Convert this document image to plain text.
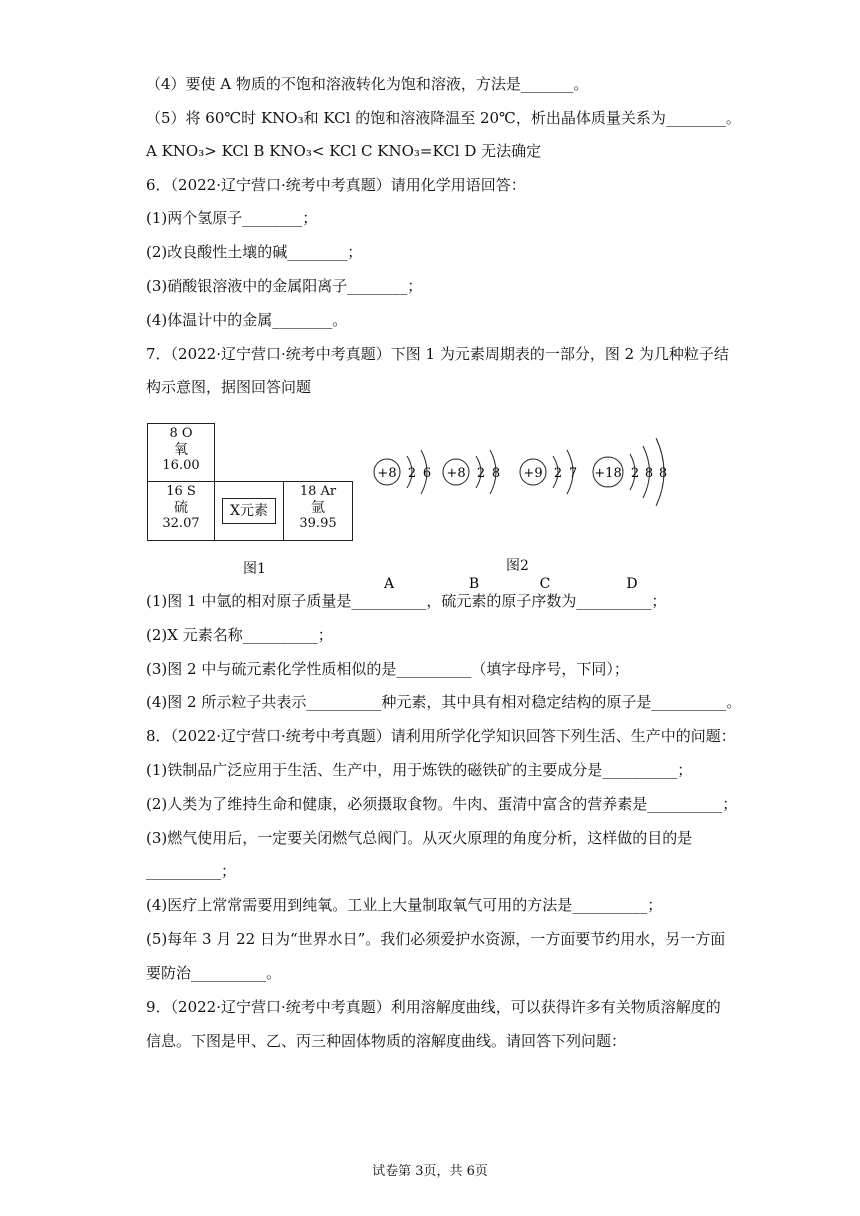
（4）要使 A 物质的不饱和溶液转化为饱和溶液，方法是_______。
（5）将 60℃时 KNO₃和 KCl 的饱和溶液降温至 20℃，析出晶体质量关系为________。
A KNO₃> KCl B KNO₃< KCl C KNO₃=KCl D 无法确定
6．（2022·辽宁营口·统考中考真题）请用化学用语回答：
(1)两个氢原子________；
(2)改良酸性土壤的碱________；
(3)硝酸银溶液中的金属阳离子________；
(4)体温计中的金属________。
7．（2022·辽宁营口·统考中考真题）下图 1 为元素周期表的一部分，图 2 为几种粒子结
构示意图，据图回答问题
8 O
氧
16.00
16 S
硫
32.07
X元素
18 Ar
氩
39.95
图1
+8 2 6
A
+8 2 8
B
+9 2 7
C
+18 2 8 8
D
图2
(1)图 1 中氩的相对原子质量是__________，硫元素的原子序数为__________；
(2)X 元素名称__________；
(3)图 2 中与硫元素化学性质相似的是__________（填字母序号，下同）；
(4)图 2 所示粒子共表示__________种元素，其中具有相对稳定结构的原子是__________。
8．（2022·辽宁营口·统考中考真题）请利用所学化学知识回答下列生活、生产中的问题：
(1)铁制品广泛应用于生活、生产中，用于炼铁的磁铁矿的主要成分是__________；
(2)人类为了维持生命和健康，必须摄取食物。牛肉、蛋清中富含的营养素是__________；
(3)燃气使用后，一定要关闭燃气总阀门。从灭火原理的角度分析，这样做的目的是
__________；
(4)医疗上常常需要用到纯氧。工业上大量制取氧气可用的方法是__________；
(5)每年 3 月 22 日为“世界水日”。我们必须爱护水资源，一方面要节约用水，另一方面
要防治__________。
9．（2022·辽宁营口·统考中考真题）利用溶解度曲线，可以获得许多有关物质溶解度的
信息。下图是甲、乙、丙三种固体物质的溶解度曲线。请回答下列问题：
试卷第 3页，共 6页
